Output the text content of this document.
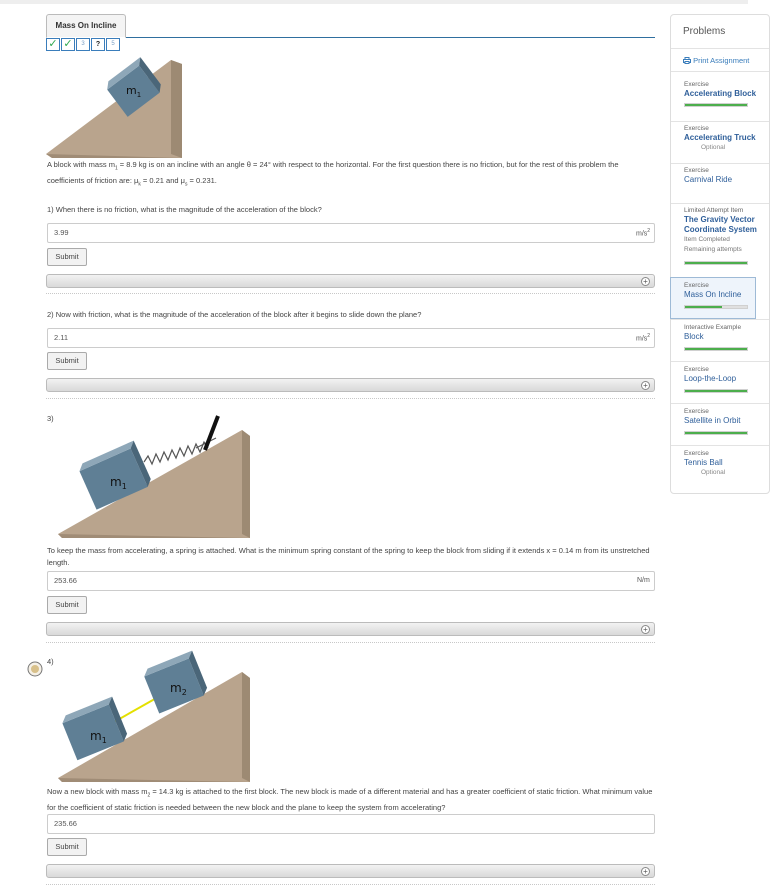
Mass On Incline
✓ ✓	3	?	5
$m_1$
A block with mass $m_1 = 8.9$ kg is on an incline with an angle θ = 24° with respect to the horizontal. For the first question there is no friction, but for the rest of this problem the coefficients of friction are: $\mu_k = 0.21$ and $\mu_s = 0.231$.
1) When there is no friction, what is the magnitude of the acceleration of the block?
3.99	$m/s^2$
Submit
+
2) Now with friction, what is the magnitude of the acceleration of the block after it begins to slide down the plane?
2.11	$m/s^2$
Submit
+
3)
$m_1$
To keep the mass from accelerating, a spring is attached. What is the minimum spring constant of the spring to keep the block from sliding if it extends x = 0.14 m from its unstretched length.
253.66	N/m
Submit
+
4)
$m_1$
$m_2$
Now a new block with mass $m_2 = 14.3$ kg is attached to the first block. The new block is made of a different material and has a greater coefficient of static friction. What minimum value for the coefficient of static friction is needed between the new block and the plane to keep the system from accelerating?
235.66
Submit
+
Problems
Print Assignment
Exercise
Accelerating Block
Exercise
Accelerating Truck
Optional
Exercise
Carnival Ride
Limited Attempt Item
The Gravity Vector Coordinate System
Item Completed
Remaining attempts
Exercise
Mass On Incline
Interactive Example
Block
Exercise
Loop-the-Loop
Exercise
Satellite in Orbit
Exercise
Tennis Ball
Optional
